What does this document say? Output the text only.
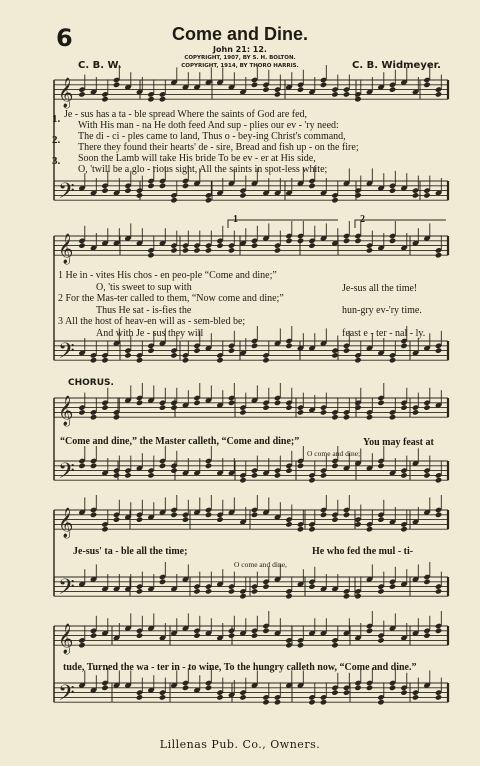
6	Come and Dine.
John 21: 12.
COPYRIGHT, 1907, BY S. H. BOLTON.
COPYRIGHT, 1914, BY THORO HARRIS.
C. B. W.	C. B. Widmeyer.
𝄞
𝄢
𝄞
𝄢
𝄞
𝄢
𝄞
𝄢
𝄞
𝄢
1.
2.
3.
Je - sus has a ta - ble spread Where the saints of God are fed,
With His man - na He doth feed And sup - plies our ev - 'ry need:
The di - ci - ples came to land, Thus o - bey-ing Christ's command,
There they found their hearts' de - sire, Bread and fish up - on the fire;
Soon the Lamb will take His bride To be ev - er at His side,
O, 'twill be a glo - rious sight, All the saints in spot-less white;
1	2
1 He in - vites His chos - en peo-ple “Come and dine;”
O, 'tis sweet to sup with	Je-sus all the time!
2 For the Mas-ter called to them, “Now come and dine;”
Thus He sat - is-fies the	hun-gry ev-'ry time.
3 All the host of heav-en will as - sem-bled be;
And with Je - sus they will	feast e - ter - nal - ly.
CHORUS.
“Come and dine,” the Master calleth, “Come and dine;”	You may feast at
O come and dine;
Je-sus' ta - ble all the time;	He who fed the mul - ti-
O come and dine,
tude, Turned the wa - ter in - to wine, To the hungry calleth now, “Come and dine.”
Lillenas Pub. Co., Owners.
